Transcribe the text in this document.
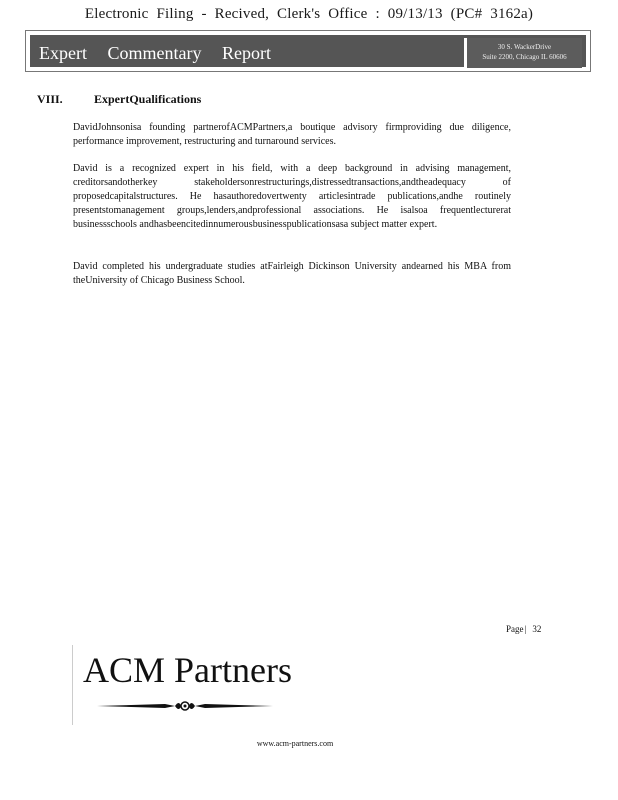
Electronic Filing - Recived, Clerk's Office : 09/13/13 (PC# 3162a)
Expert Commentary Report	30 S. WackerDrive
Suite 2200, Chicago IL 60606
VIII.	ExpertQualifications
DavidJohnsonisa founding partnerofACMPartners,a boutique advisory firmproviding due diligence, performance improvement, restructuring and turnaround services.
David is a recognized expert in his field, with a deep background in advising management, creditorsandotherkey stakeholdersonrestructurings,distressedtransactions,andtheadequacy of proposedcapitalstructures. He hasauthoredovertwenty articlesintrade publications,andhe routinely presentstomanagement groups,lenders,andprofessional associations. He isalsoa frequentlecturerat businessschools andhasbeencitedinnumerousbusinesspublicationsasa subject matter expert.
David completed his undergraduate studies atFairleigh Dickinson University andearned his MBA from theUniversity of Chicago Business School.
Page| 32
ACM Partners
www.acm-partners.com
